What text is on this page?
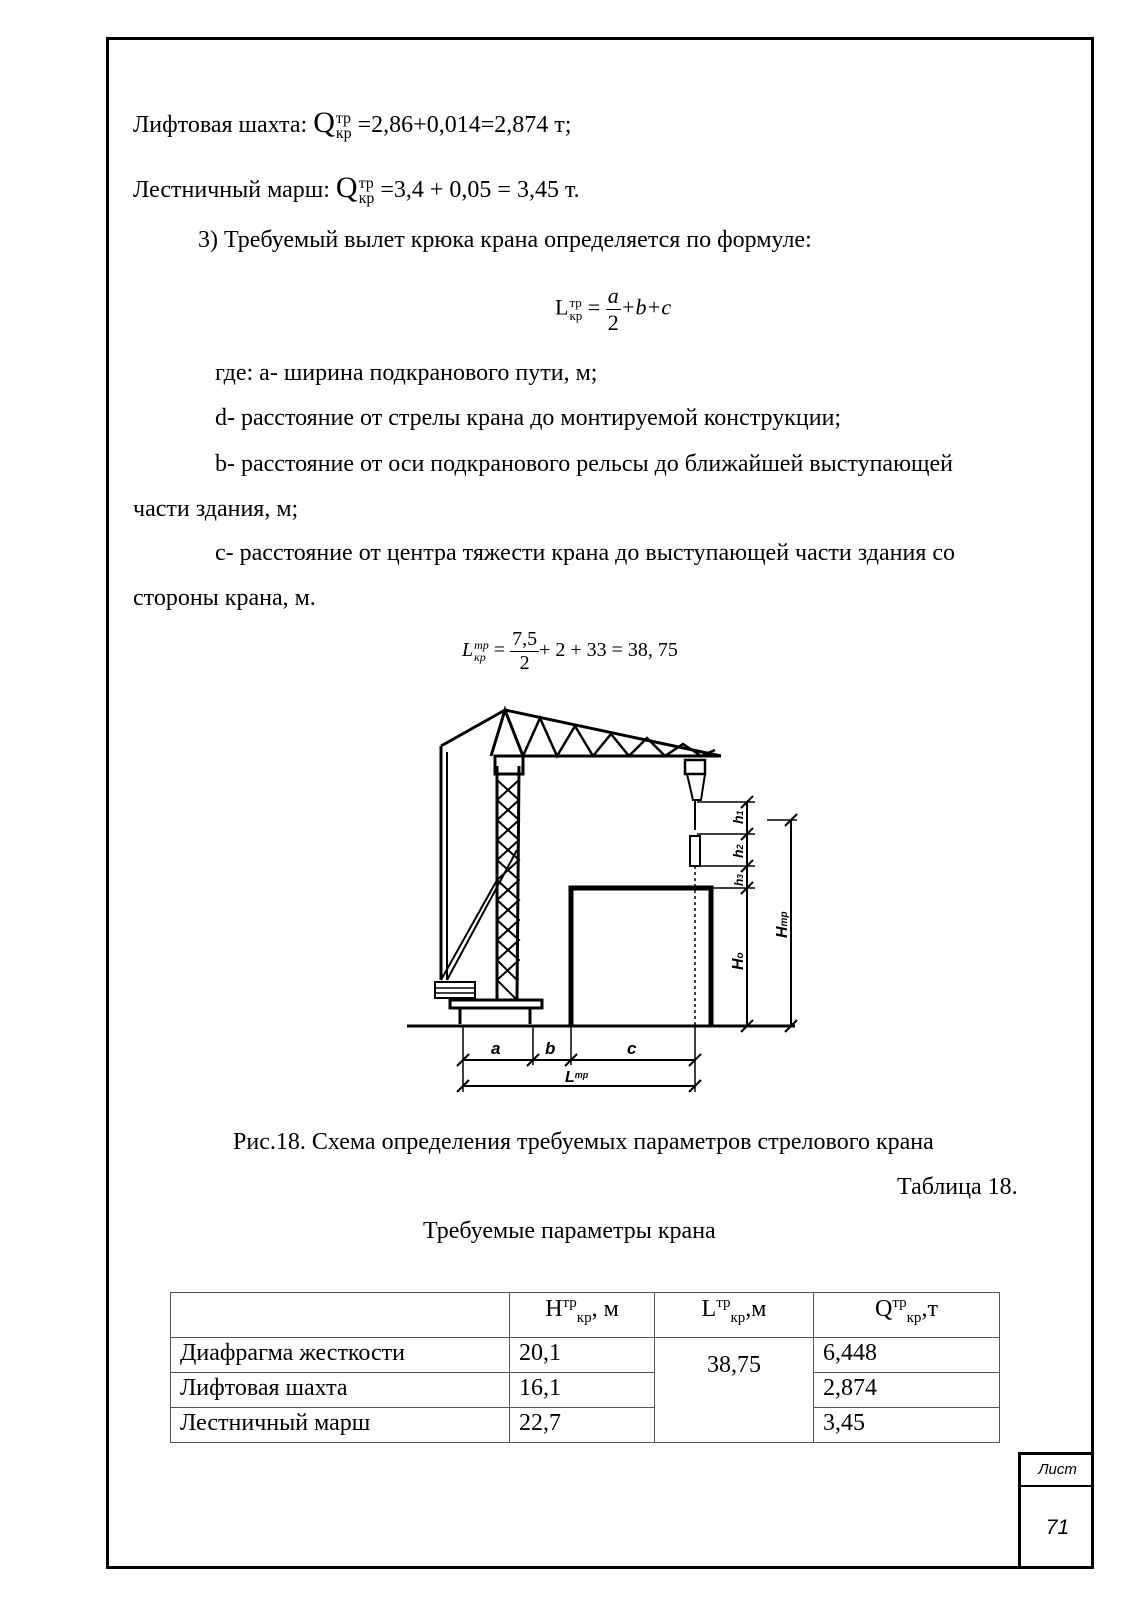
Лифтовая шахта: Q тр
кр =2,86+0,014=2,874 т;
Лестничный марш: Q тр
кр =3,4 + 0,05 = 3,45 т.
3) Требуемый вылет крюка крана определяется по формуле:
L тр
кр = $\frac{a}{2} +b+c$
где: а- ширина подкранового пути, м;
d- расстояние от стрелы крана до монтируемой конструкции;
b- расстояние от оси подкранового рельсы до ближайшей выступающей
части здания, м;
с- расстояние от центра тяжести крана до выступающей части здания со
стороны крана, м.
L тр
кр = $\frac{7,5}{2} + 2 + 33 = 38$, 75
a	b	c
$L^{тр}$
Hо
Hтр
h1
h2
h3
Рис.18. Схема определения требуемых параметров стрелового крана
Таблица 18.
Требуемые параметры крана
	$H^{тр}_{кр}$, м	$L^{тр}_{кр},м$	$Q^{тр}_{кр},т$
Диафрагма жесткости	20,1	38,75	6,448
Лифтовая шахта	16,1		2,874
Лестничный марш	22,7		3,45
Лист
71
